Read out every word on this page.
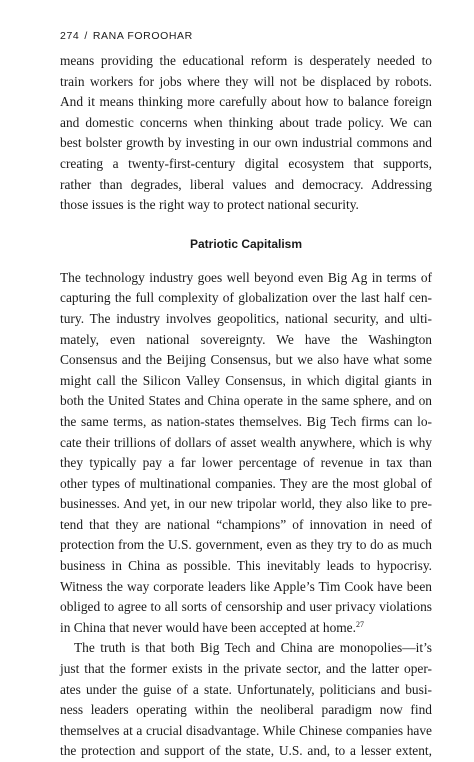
274 / RANA FOROOHAR
means providing the educational reform is desperately needed to
train workers for jobs where they will not be displaced by robots.
And it means thinking more carefully about how to balance foreign
and domestic concerns when thinking about trade policy. We can
best bolster growth by investing in our own industrial commons and
creating a twenty-first-century digital ecosystem that supports,
rather than degrades, liberal values and democracy. Addressing
those issues is the right way to protect national security.
Patriotic Capitalism
The technology industry goes well beyond even Big Ag in terms of
capturing the full complexity of globalization over the last half cen-
tury. The industry involves geopolitics, national security, and ulti-
mately, even national sovereignty. We have the Washington
Consensus and the Beijing Consensus, but we also have what some
might call the Silicon Valley Consensus, in which digital giants in
both the United States and China operate in the same sphere, and on
the same terms, as nation-states themselves. Big Tech firms can lo-
cate their trillions of dollars of asset wealth anywhere, which is why
they typically pay a far lower percentage of revenue in tax than
other types of multinational companies. They are the most global of
businesses. And yet, in our new tripolar world, they also like to pre-
tend that they are national “champions” of innovation in need of
protection from the U.S. government, even as they try to do as much
business in China as possible. This inevitably leads to hypocrisy.
Witness the way corporate leaders like Apple’s Tim Cook have been
obliged to agree to all sorts of censorship and user privacy violations
in China that never would have been accepted at home.$^{27}$
The truth is that both Big Tech and China are monopolies—it’s
just that the former exists in the private sector, and the latter oper-
ates under the guise of a state. Unfortunately, politicians and busi-
ness leaders operating within the neoliberal paradigm now find
themselves at a crucial disadvantage. While Chinese companies have
the protection and support of the state, U.S. and, to a lesser extent,
